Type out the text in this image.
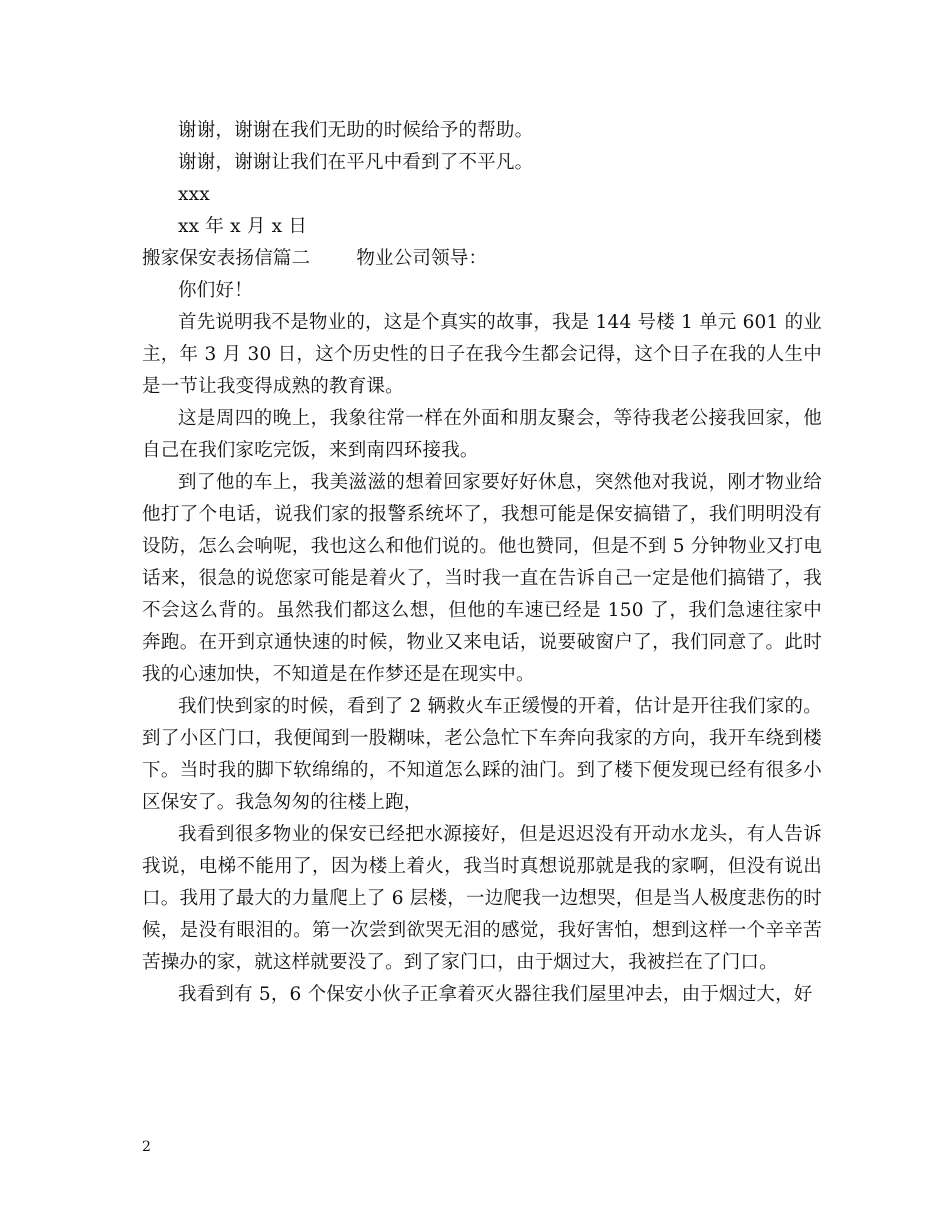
谢谢，谢谢在我们无助的时候给予的帮助。
谢谢，谢谢让我们在平凡中看到了不平凡。
xxx
xx 年 x 月 x 日
搬家保安表扬信篇二 物业公司领导：
你们好！

首先说明我不是物业的，这是个真实的故事，我是 144 号楼 1 单元 601 的业主，年 3 月 30 日，这个历史性的日子在我今生都会记得，这个日子在我的人生中是一节让我变得成熟的教育课。

这是周四的晚上，我象往常一样在外面和朋友聚会，等待我老公接我回家，他自己在我们家吃完饭，来到南四环接我。

到了他的车上，我美滋滋的想着回家要好好休息，突然他对我说，刚才物业给他打了个电话，说我们家的报警系统坏了，我想可能是保安搞错了，我们明明没有设防，怎么会响呢，我也这么和他们说的。他也赞同，但是不到 5 分钟物业又打电话来，很急的说您家可能是着火了，当时我一直在告诉自己一定是他们搞错了，我不会这么背的。虽然我们都这么想，但他的车速已经是 150 了，我们急速往家中奔跑。在开到京通快速的时候，物业又来电话，说要破窗户了，我们同意了。此时我的心速加快，不知道是在作梦还是在现实中。

我们快到家的时候，看到了 2 辆救火车正缓慢的开着，估计是开往我们家的。到了小区门口，我便闻到一股糊味，老公急忙下车奔向我家的方向，我开车绕到楼下。当时我的脚下软绵绵的，不知道怎么踩的油门。到了楼下便发现已经有很多小区保安了。我急匆匆的往楼上跑，

我看到很多物业的保安已经把水源接好，但是迟迟没有开动水龙头，有人告诉我说，电梯不能用了，因为楼上着火，我当时真想说那就是我的家啊，但没有说出口。我用了最大的力量爬上了 6 层楼，一边爬我一边想哭，但是当人极度悲伤的时候，是没有眼泪的。第一次尝到欲哭无泪的感觉，我好害怕，想到这样一个辛辛苦苦操办的家，就这样就要没了。到了家门口，由于烟过大，我被拦在了门口。

我看到有 5，6 个保安小伙子正拿着灭火器往我们屋里冲去，由于烟过大，好

2
